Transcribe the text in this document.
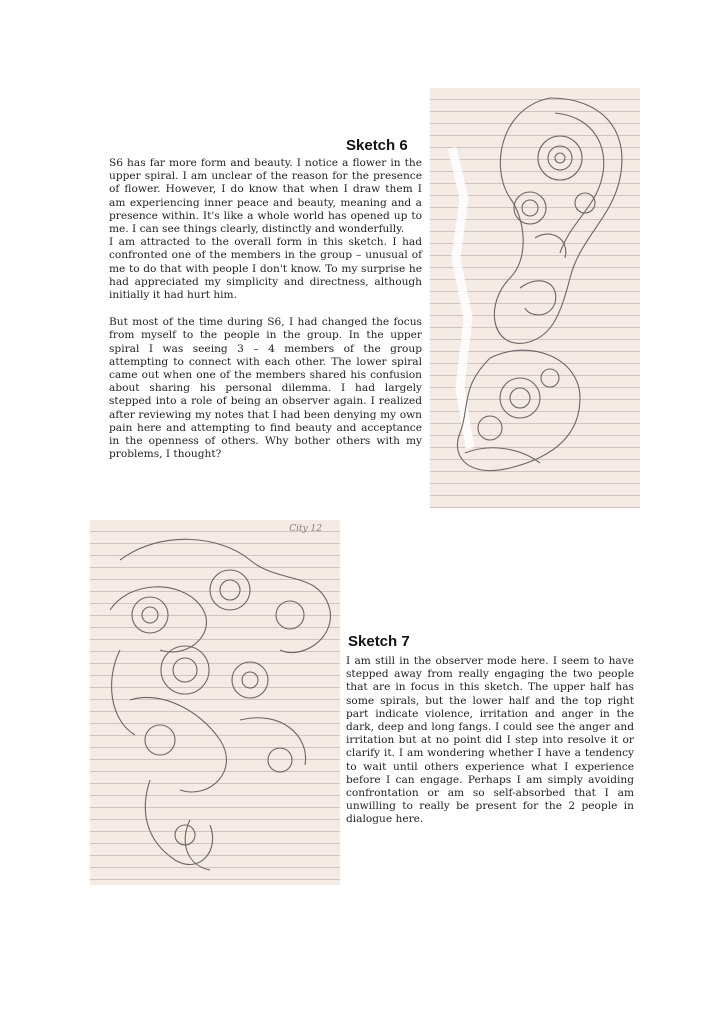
Sketch 6

S6 has far more form and beauty. I notice a flower in the upper spiral. I am unclear of the reason for the presence of flower. However, I do know that when I draw them I am experiencing inner peace and beauty, meaning and a presence within. It's like a whole world has opened up to me. I can see things clearly, distinctly and wonderfully.

I am attracted to the overall form in this sketch. I had confronted one of the members in the group – unusual of me to do that with people I don't know. To my surprise he had appreciated my simplicity and directness, although initially it had hurt him.

But most of the time during S6, I had changed the focus from myself to the people in the group. In the upper spiral I was seeing 3 – 4 members of the group attempting to connect with each other. The lower spiral came out when one of the members shared his confusion about sharing his personal dilemma. I had largely stepped into a role of being an observer again. I realized after reviewing my notes that I had been denying my own pain here and attempting to find beauty and acceptance in the openness of others. Why bother others with my problems, I thought?

City 12
Sketch 7

I am still in the observer mode here. I seem to have stepped away from really engaging the two people that are in focus in this sketch. The upper half has some spirals, but the lower half and the top right part indicate violence, irritation and anger in the dark, deep and long fangs. I could see the anger and irritation but at no point did I step into resolve it or clarify it. I am wondering whether I have a tendency to wait until others experience what I experience before I can engage. Perhaps I am simply avoiding confrontation or am so self-absorbed that I am unwilling to really be present for the 2 people in dialogue here.
